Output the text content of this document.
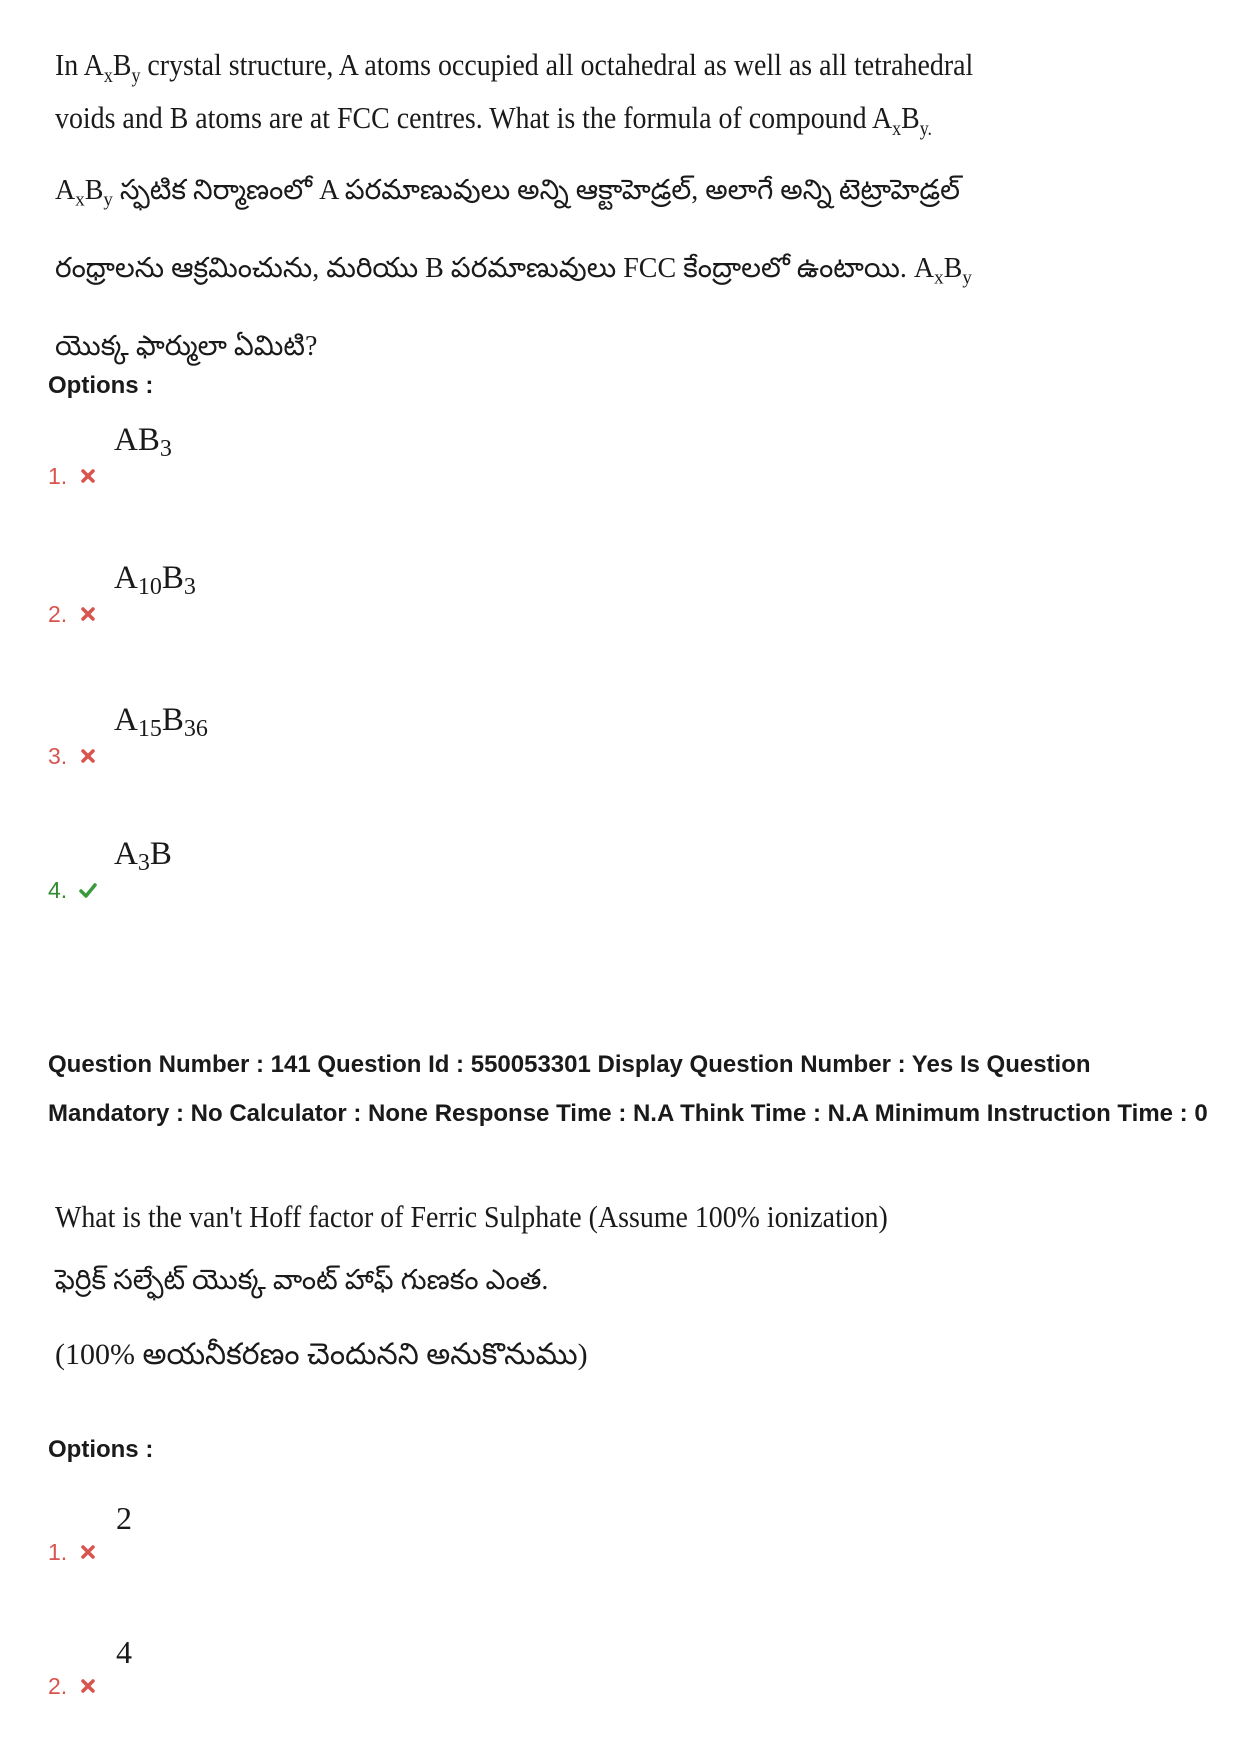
In $A_xB_y$ crystal structure, A atoms occupied all octahedral as well as all tetrahedral
voids and B atoms are at FCC centres. What is the formula of compound $A_xB_{y.}$
$A_xB_y$ స్ఫటిక నిర్మాణంలో A పరమాణువులు అన్ని ఆక్టాహెడ్రల్, అలాగే అన్ని టెట్రాహెడ్రల్
రంధ్రాలను ఆక్రమించును, మరియు B పరమాణువులు FCC కేంద్రాలలో ఉంటాయి. $A_xB_y$
యొక్క ఫార్ములా ఏమిటి?
Options :
1.
$AB_3$
2.
$A_{10}B_3$
3.
$A_{15}B_{36}$
4.
$A_3B$
Question Number : 141 Question Id : 550053301 Display Question Number : Yes Is Question Mandatory : No Calculator : None Response Time : N.A Think Time : N.A Minimum Instruction Time : 0
What is the van't Hoff factor of Ferric Sulphate (Assume 100% ionization)
ఫెర్రిక్ సల్ఫేట్ యొక్క వాంట్ హాఫ్ గుణకం ఎంత.
(100% అయనీకరణం చెందునని అనుకొనుము)
Options :
1.
2
2.
4
